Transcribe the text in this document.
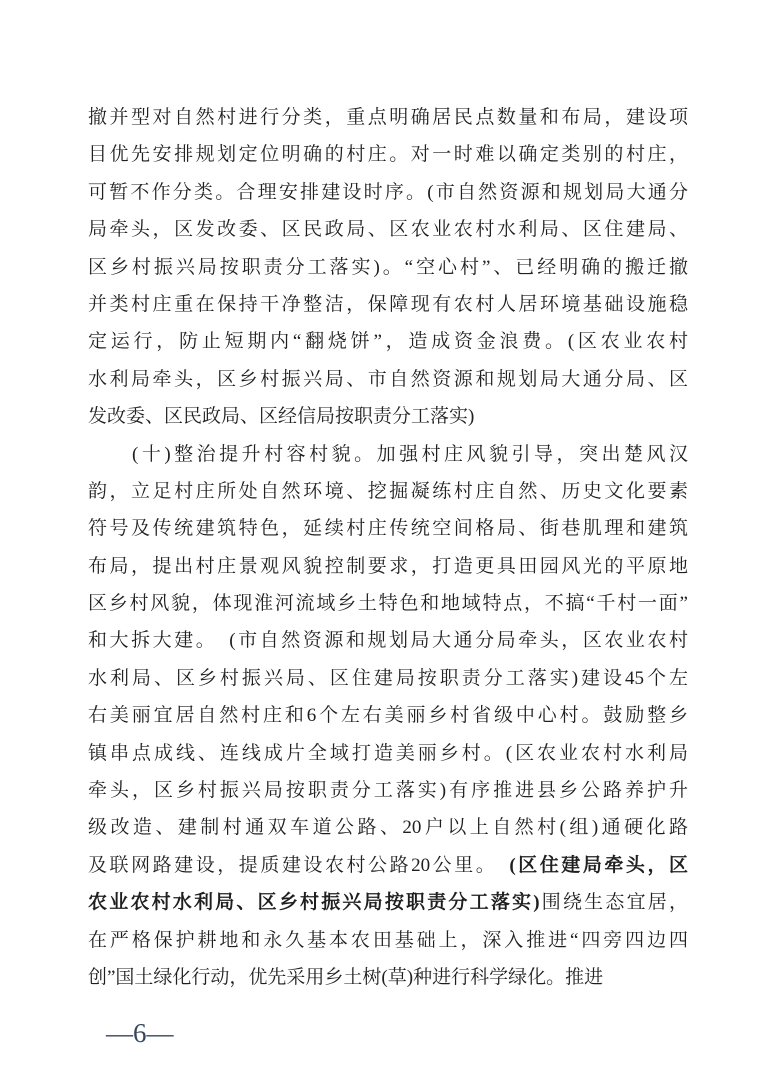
撤并型对自然村进行分类，重点明确居民点数量和布局，建设项
目优先安排规划定位明确的村庄。对一时难以确定类别的村庄，
可暂不作分类。合理安排建设时序。(市自然资源和规划局大通分
局牵头，区发改委、区民政局、区农业农村水利局、区住建局、
区乡村振兴局按职责分工落实)。“空心村”、已经明确的搬迁撤
并类村庄重在保持干净整洁，保障现有农村人居环境基础设施稳
定运行，防止短期内“翻烧饼”，造成资金浪费。(区农业农村
水利局牵头，区乡村振兴局、市自然资源和规划局大通分局、区
发改委、区民政局、区经信局按职责分工落实)
(十)整治提升村容村貌。加强村庄风貌引导，突出楚风汉
韵，立足村庄所处自然环境、挖掘凝练村庄自然、历史文化要素
符号及传统建筑特色，延续村庄传统空间格局、街巷肌理和建筑
布局，提出村庄景观风貌控制要求，打造更具田园风光的平原地
区乡村风貌，体现淮河流域乡土特色和地域特点，不搞“千村一面”
和大拆大建。　(市自然资源和规划局大通分局牵头，区农业农村
水利局、区乡村振兴局、区住建局按职责分工落实)建设45个左
右美丽宜居自然村庄和6个左右美丽乡村省级中心村。鼓励整乡
镇串点成线、连线成片全域打造美丽乡村。(区农业农村水利局
牵头，区乡村振兴局按职责分工落实)有序推进县乡公路养护升
级改造、建制村通双车道公路、20户以上自然村(组)通硬化路
及联网路建设，提质建设农村公路20公里。　(区住建局牵头，区
农业农村水利局、区乡村振兴局按职责分工落实)围绕生态宜居，
在严格保护耕地和永久基本农田基础上，深入推进“四旁四边四
创”国土绿化行动，优先采用乡土树(草)种进行科学绿化。推进
—6—
